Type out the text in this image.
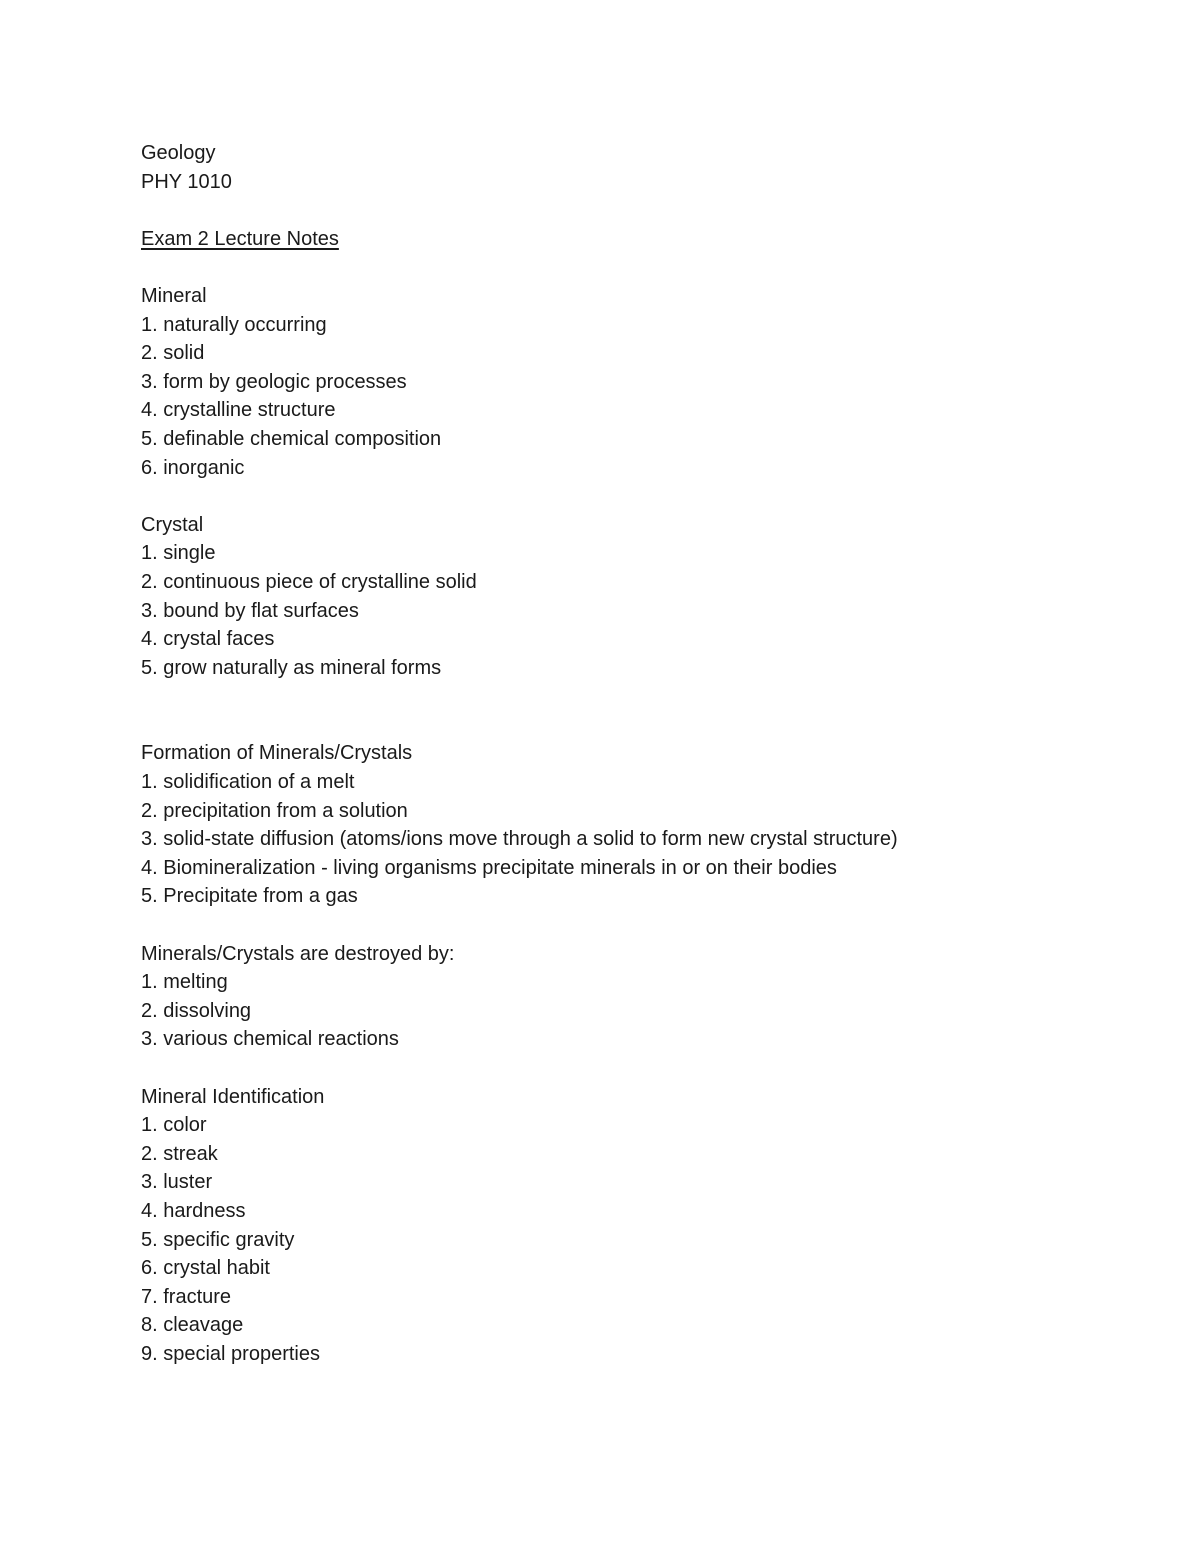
Geology
PHY 1010
Exam 2 Lecture Notes
Mineral
1. naturally occurring
2. solid
3. form by geologic processes
4. crystalline structure
5. definable chemical composition
6. inorganic
Crystal
1. single
2. continuous piece of crystalline solid
3. bound by flat surfaces
4. crystal faces
5. grow naturally as mineral forms
Formation of Minerals/Crystals
1. solidification of a melt
2. precipitation from a solution
3. solid-state diffusion (atoms/ions move through a solid to form new crystal structure)
4. Biomineralization - living organisms precipitate minerals in or on their bodies
5. Precipitate from a gas
Minerals/Crystals are destroyed by:
1. melting
2. dissolving
3. various chemical reactions
Mineral Identification
1. color
2. streak
3. luster
4. hardness
5. specific gravity
6. crystal habit
7. fracture
8. cleavage
9. special properties
